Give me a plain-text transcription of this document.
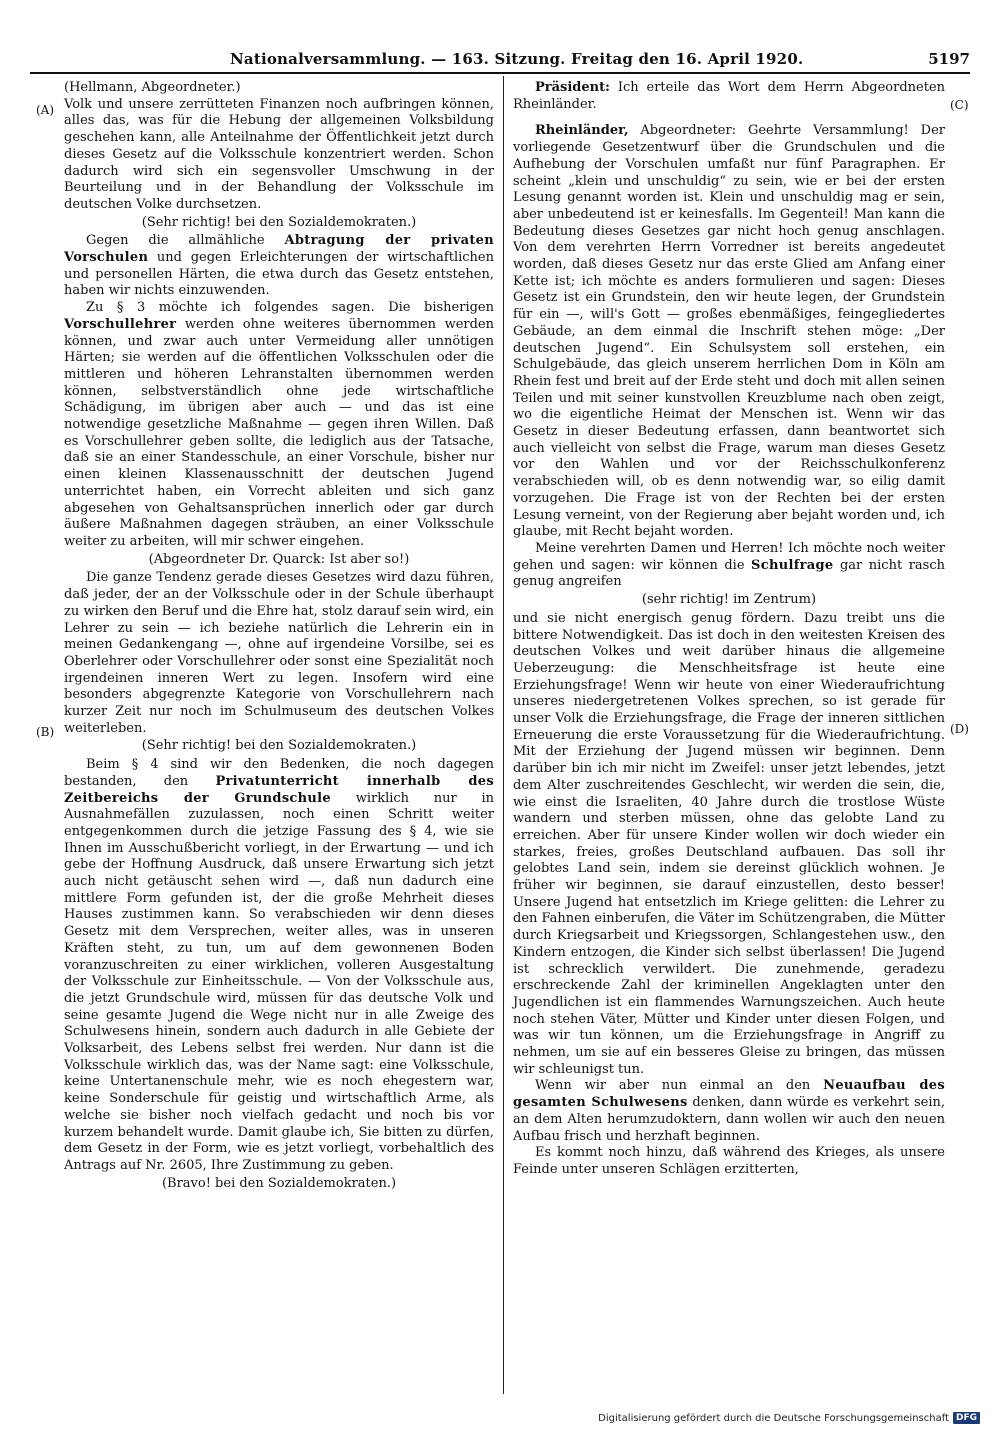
Nationalversammlung. — 163. Sitzung. Freitag den 16. April 1920.	5197
(A)
(B)
(C)
(D)

(Hellmann, Abgeordneter.)

Volk und unsere zerrütteten Finanzen noch aufbringen können, alles das, was für die Hebung der allgemeinen Volksbildung geschehen kann, alle Anteilnahme der Öffentlichkeit jetzt durch dieses Gesetz auf die Volksschule konzentriert werden. Schon dadurch wird sich ein segensvoller Umschwung in der Beurteilung und in der Behandlung der Volksschule im deutschen Volke durchsetzen.

(Sehr richtig! bei den Sozialdemokraten.)

Gegen die allmähliche Abtragung der privaten Vorschulen und gegen Erleichterungen der wirtschaftlichen und personellen Härten, die etwa durch das Gesetz entstehen, haben wir nichts einzuwenden.

Zu § 3 möchte ich folgendes sagen. Die bisherigen Vorschullehrer werden ohne weiteres übernommen werden können, und zwar auch unter Vermeidung aller unnötigen Härten; sie werden auf die öffentlichen Volksschulen oder die mittleren und höheren Lehranstalten übernommen werden können, selbstverständlich ohne jede wirtschaftliche Schädigung, im übrigen aber auch — und das ist eine notwendige gesetzliche Maßnahme — gegen ihren Willen. Daß es Vorschullehrer geben sollte, die lediglich aus der Tatsache, daß sie an einer Standesschule, an einer Vorschule, bisher nur einen kleinen Klassenausschnitt der deutschen Jugend unterrichtet haben, ein Vorrecht ableiten und sich ganz abgesehen von Gehaltsansprüchen innerlich oder gar durch äußere Maßnahmen dagegen sträuben, an einer Volksschule weiter zu arbeiten, will mir schwer eingehen.

(Abgeordneter Dr. Quarck: Ist aber so!)

Die ganze Tendenz gerade dieses Gesetzes wird dazu führen, daß jeder, der an der Volksschule oder in der Schule überhaupt zu wirken den Beruf und die Ehre hat, stolz darauf sein wird, ein Lehrer zu sein — ich beziehe natürlich die Lehrerin ein in meinen Gedankengang —, ohne auf irgendeine Vorsilbe, sei es Oberlehrer oder Vorschullehrer oder sonst eine Spezialität noch irgendeinen inneren Wert zu legen. Insofern wird eine besonders abgegrenzte Kategorie von Vorschullehrern nach kurzer Zeit nur noch im Schulmuseum des deutschen Volkes weiterleben.

(Sehr richtig! bei den Sozialdemokraten.)

Beim § 4 sind wir den Bedenken, die noch dagegen bestanden, den Privatunterricht innerhalb des Zeitbereichs der Grundschule wirklich nur in Ausnahmefällen zuzulassen, noch einen Schritt weiter entgegenkommen durch die jetzige Fassung des § 4, wie sie Ihnen im Ausschußbericht vorliegt, in der Erwartung — und ich gebe der Hoffnung Ausdruck, daß unsere Erwartung sich jetzt auch nicht getäuscht sehen wird —, daß nun dadurch eine mittlere Form gefunden ist, der die große Mehrheit dieses Hauses zustimmen kann. So verabschieden wir denn dieses Gesetz mit dem Versprechen, weiter alles, was in unseren Kräften steht, zu tun, um auf dem gewonnenen Boden voranzuschreiten zu einer wirklichen, volleren Ausgestaltung der Volksschule zur Einheitsschule. — Von der Volksschule aus, die jetzt Grundschule wird, müssen für das deutsche Volk und seine gesamte Jugend die Wege nicht nur in alle Zweige des Schulwesens hinein, sondern auch dadurch in alle Gebiete der Volksarbeit, des Lebens selbst frei werden. Nur dann ist die Volksschule wirklich das, was der Name sagt: eine Volksschule, keine Untertanenschule mehr, wie es noch ehegestern war, keine Sonderschule für geistig und wirtschaftlich Arme, als welche sie bisher noch vielfach gedacht und noch bis vor kurzem behandelt wurde. Damit glaube ich, Sie bitten zu dürfen, dem Gesetz in der Form, wie es jetzt vorliegt, vorbehaltlich des Antrags auf Nr. 2605, Ihre Zustimmung zu geben.

(Bravo! bei den Sozialdemokraten.)

Präsident: Ich erteile das Wort dem Herrn Abgeordneten Rheinländer.

Rheinländer, Abgeordneter: Geehrte Versammlung! Der vorliegende Gesetzentwurf über die Grundschulen und die Aufhebung der Vorschulen umfaßt nur fünf Paragraphen. Er scheint „klein und unschuldig“ zu sein, wie er bei der ersten Lesung genannt worden ist. Klein und unschuldig mag er sein, aber unbedeutend ist er keinesfalls. Im Gegenteil! Man kann die Bedeutung dieses Gesetzes gar nicht hoch genug anschlagen. Von dem verehrten Herrn Vorredner ist bereits angedeutet worden, daß dieses Gesetz nur das erste Glied am Anfang einer Kette ist; ich möchte es anders formulieren und sagen: Dieses Gesetz ist ein Grundstein, den wir heute legen, der Grundstein für ein —, will's Gott — großes ebenmäßiges, feingegliedertes Gebäude, an dem einmal die Inschrift stehen möge: „Der deutschen Jugend“. Ein Schulsystem soll erstehen, ein Schulgebäude, das gleich unserem herrlichen Dom in Köln am Rhein fest und breit auf der Erde steht und doch mit allen seinen Teilen und mit seiner kunstvollen Kreuzblume nach oben zeigt, wo die eigentliche Heimat der Menschen ist. Wenn wir das Gesetz in dieser Bedeutung erfassen, dann beantwortet sich auch vielleicht von selbst die Frage, warum man dieses Gesetz vor den Wahlen und vor der Reichsschulkonferenz verabschieden will, ob es denn notwendig war, so eilig damit vorzugehen. Die Frage ist von der Rechten bei der ersten Lesung verneint, von der Regierung aber bejaht worden und, ich glaube, mit Recht bejaht worden.

Meine verehrten Damen und Herren! Ich möchte noch weiter gehen und sagen: wir können die Schulfrage gar nicht rasch genug angreifen

(sehr richtig! im Zentrum)

und sie nicht energisch genug fördern. Dazu treibt uns die bittere Notwendigkeit. Das ist doch in den weitesten Kreisen des deutschen Volkes und weit darüber hinaus die allgemeine Ueberzeugung: die Menschheitsfrage ist heute eine Erziehungsfrage! Wenn wir heute von einer Wiederaufrichtung unseres niedergetretenen Volkes sprechen, so ist gerade für unser Volk die Erziehungsfrage, die Frage der inneren sittlichen Erneuerung die erste Voraussetzung für die Wiederaufrichtung. Mit der Erziehung der Jugend müssen wir beginnen. Denn darüber bin ich mir nicht im Zweifel: unser jetzt lebendes, jetzt dem Alter zuschreitendes Geschlecht, wir werden die sein, die, wie einst die Israeliten, 40 Jahre durch die trostlose Wüste wandern und sterben müssen, ohne das gelobte Land zu erreichen. Aber für unsere Kinder wollen wir doch wieder ein starkes, freies, großes Deutschland aufbauen. Das soll ihr gelobtes Land sein, indem sie dereinst glücklich wohnen. Je früher wir beginnen, sie darauf einzustellen, desto besser! Unsere Jugend hat entsetzlich im Kriege gelitten: die Lehrer zu den Fahnen einberufen, die Väter im Schützengraben, die Mütter durch Kriegsarbeit und Kriegssorgen, Schlangestehen usw., den Kindern entzogen, die Kinder sich selbst überlassen! Die Jugend ist schrecklich verwildert. Die zunehmende, geradezu erschreckende Zahl der kriminellen Angeklagten unter den Jugendlichen ist ein flammendes Warnungszeichen. Auch heute noch stehen Väter, Mütter und Kinder unter diesen Folgen, und was wir tun können, um die Erziehungsfrage in Angriff zu nehmen, um sie auf ein besseres Gleise zu bringen, das müssen wir schleunigst tun.

Wenn wir aber nun einmal an den Neuaufbau des gesamten Schulwesens denken, dann würde es verkehrt sein, an dem Alten herumzudoktern, dann wollen wir auch den neuen Aufbau frisch und herzhaft beginnen.

Es kommt noch hinzu, daß während des Krieges, als unsere Feinde unter unseren Schlägen erzitterten,

Digitalisierung gefördert durch die Deutsche Forschungsgemeinschaft DFG
